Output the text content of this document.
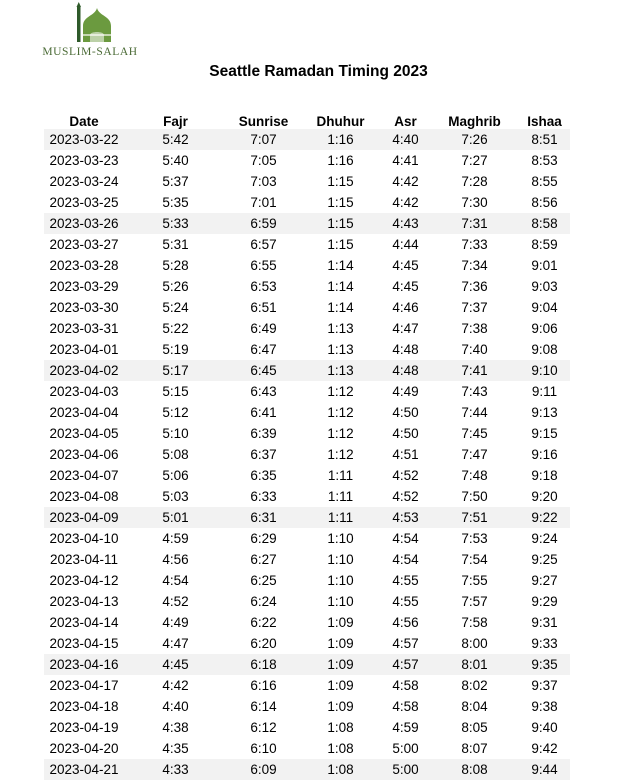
MUSLIM-SALAH
Seattle Ramadan Timing 2023
Date	Fajr	Sunrise	Dhuhur	Asr	Maghrib	Ishaa
2023-03-22	5:42	7:07	1:16	4:40	7:26	8:51
2023-03-23	5:40	7:05	1:16	4:41	7:27	8:53
2023-03-24	5:37	7:03	1:15	4:42	7:28	8:55
2023-03-25	5:35	7:01	1:15	4:42	7:30	8:56
2023-03-26	5:33	6:59	1:15	4:43	7:31	8:58
2023-03-27	5:31	6:57	1:15	4:44	7:33	8:59
2023-03-28	5:28	6:55	1:14	4:45	7:34	9:01
2023-03-29	5:26	6:53	1:14	4:45	7:36	9:03
2023-03-30	5:24	6:51	1:14	4:46	7:37	9:04
2023-03-31	5:22	6:49	1:13	4:47	7:38	9:06
2023-04-01	5:19	6:47	1:13	4:48	7:40	9:08
2023-04-02	5:17	6:45	1:13	4:48	7:41	9:10
2023-04-03	5:15	6:43	1:12	4:49	7:43	9:11
2023-04-04	5:12	6:41	1:12	4:50	7:44	9:13
2023-04-05	5:10	6:39	1:12	4:50	7:45	9:15
2023-04-06	5:08	6:37	1:12	4:51	7:47	9:16
2023-04-07	5:06	6:35	1:11	4:52	7:48	9:18
2023-04-08	5:03	6:33	1:11	4:52	7:50	9:20
2023-04-09	5:01	6:31	1:11	4:53	7:51	9:22
2023-04-10	4:59	6:29	1:10	4:54	7:53	9:24
2023-04-11	4:56	6:27	1:10	4:54	7:54	9:25
2023-04-12	4:54	6:25	1:10	4:55	7:55	9:27
2023-04-13	4:52	6:24	1:10	4:55	7:57	9:29
2023-04-14	4:49	6:22	1:09	4:56	7:58	9:31
2023-04-15	4:47	6:20	1:09	4:57	8:00	9:33
2023-04-16	4:45	6:18	1:09	4:57	8:01	9:35
2023-04-17	4:42	6:16	1:09	4:58	8:02	9:37
2023-04-18	4:40	6:14	1:09	4:58	8:04	9:38
2023-04-19	4:38	6:12	1:08	4:59	8:05	9:40
2023-04-20	4:35	6:10	1:08	5:00	8:07	9:42
2023-04-21	4:33	6:09	1:08	5:00	8:08	9:44
